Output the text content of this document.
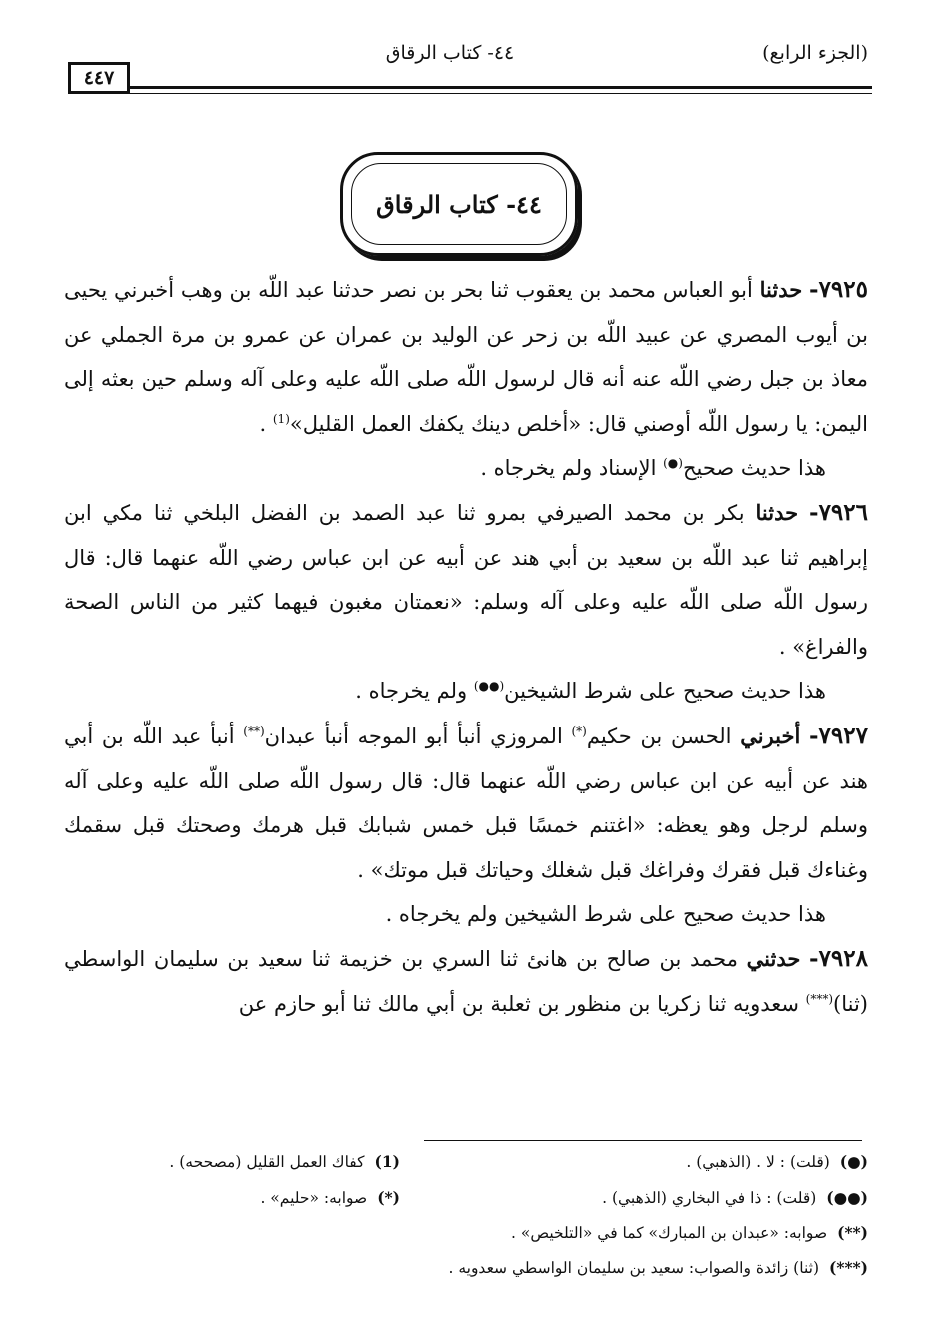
٤٤٧
٤٤- كتاب الرقاق	(الجزء الرابع)
٤٤- كتاب الرقاق

٧٩٢٥- حدثنا أبو العباس محمد بن يعقوب ثنا بحر بن نصر حدثنا عبد اللّه بن وهب أخبرني يحيى بن أيوب المصري عن عبيد اللّه بن زحر عن الوليد بن عمران عن عمرو بن مرة الجملي عن معاذ بن جبل رضي اللّه عنه أنه قال لرسول اللّه صلى اللّه عليه وعلى آله وسلم حين بعثه إلى اليمن: يا رسول اللّه أوصني قال: «أخلص دينك يكفك العمل القليل»$^{(1)}$ .

هذا حديث صحيح(●) الإسناد ولم يخرجاه .

٧٩٢٦- حدثنا بكر بن محمد الصيرفي بمرو ثنا عبد الصمد بن الفضل البلخي ثنا مكي ابن إبراهيم ثنا عبد اللّه بن سعيد بن أبي هند عن أبيه عن ابن عباس رضي اللّه عنهما قال: قال رسول اللّه صلى اللّه عليه وعلى آله وسلم: «نعمتان مغبون فيهما كثير من الناس الصحة والفراغ» .

هذا حديث صحيح على شرط الشيخين(●●) ولم يخرجاه .

٧٩٢٧- أخبرني الحسن بن حكيم(*) المروزي أنبأ أبو الموجه أنبأ عبدان(**) أنبأ عبد اللّه بن أبي هند عن أبيه عن ابن عباس رضي اللّه عنهما قال: قال رسول اللّه صلى اللّه عليه وعلى آله وسلم لرجل وهو يعظه: «اغتنم خمسًا قبل خمس شبابك قبل هرمك وصحتك قبل سقمك وغناءك قبل فقرك وفراغك قبل شغلك وحياتك قبل موتك» .

هذا حديث صحيح على شرط الشيخين ولم يخرجاه .

٧٩٢٨- حدثني محمد بن صالح بن هانئ ثنا السري بن خزيمة ثنا سعيد بن سليمان الواسطي (ثنا)(***) سعدويه ثنا زكريا بن منظور بن ثعلبة بن أبي مالك ثنا أبو حازم عن

(●)(قلت) : لا . (الذهبي) .
(1)كفاك العمل القليل (مصححه) .
(●●)(قلت) : ذا في البخاري (الذهبي) .
(*)صوابه: «حليم» .
(**)صوابه: «عبدان بن المبارك» كما في «التلخيص» .
(***)(ثنا) زائدة والصواب: سعيد بن سليمان الواسطي سعدويه .
